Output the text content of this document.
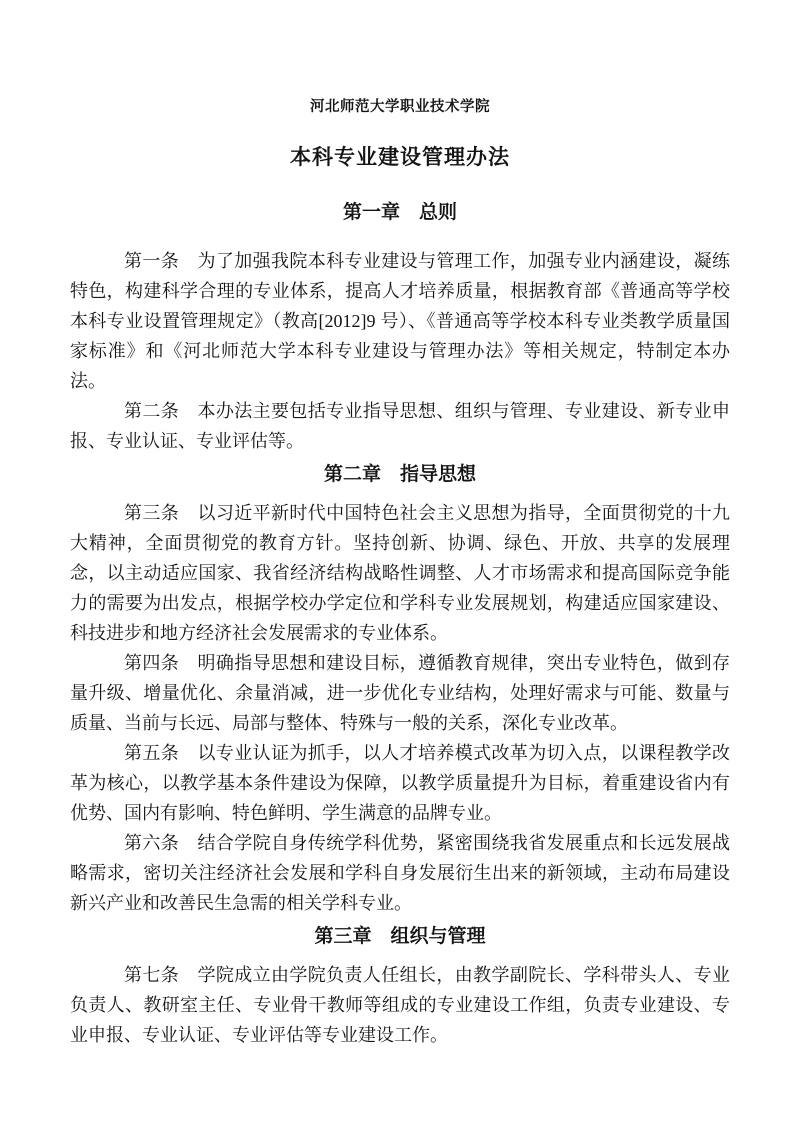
河北师范大学职业技术学院
本科专业建设管理办法
第一章　总则

第一条　为了加强我院本科专业建设与管理工作，加强专业内涵建设，凝练特色，构建科学合理的专业体系，提高人才培养质量，根据教育部《普通高等学校本科专业设置管理规定》（教高[2012]9 号）、《普通高等学校本科专业类教学质量国家标准》和《河北师范大学本科专业建设与管理办法》等相关规定，特制定本办法。

第二条　本办法主要包括专业指导思想、组织与管理、专业建设、新专业申报、专业认证、专业评估等。

第二章　指导思想

第三条　以习近平新时代中国特色社会主义思想为指导，全面贯彻党的十九大精神，全面贯彻党的教育方针。坚持创新、协调、绿色、开放、共享的发展理念，以主动适应国家、我省经济结构战略性调整、人才市场需求和提高国际竞争能力的需要为出发点，根据学校办学定位和学科专业发展规划，构建适应国家建设、科技进步和地方经济社会发展需求的专业体系。

第四条　明确指导思想和建设目标，遵循教育规律，突出专业特色，做到存量升级、增量优化、余量消减，进一步优化专业结构，处理好需求与可能、数量与质量、当前与长远、局部与整体、特殊与一般的关系，深化专业改革。

第五条　以专业认证为抓手，以人才培养模式改革为切入点，以课程教学改革为核心，以教学基本条件建设为保障，以教学质量提升为目标，着重建设省内有优势、国内有影响、特色鲜明、学生满意的品牌专业。

第六条　结合学院自身传统学科优势，紧密围绕我省发展重点和长远发展战略需求，密切关注经济社会发展和学科自身发展衍生出来的新领域，主动布局建设新兴产业和改善民生急需的相关学科专业。

第三章　组织与管理

第七条　学院成立由学院负责人任组长，由教学副院长、学科带头人、专业负责人、教研室主任、专业骨干教师等组成的专业建设工作组，负责专业建设、专业申报、专业认证、专业评估等专业建设工作。
